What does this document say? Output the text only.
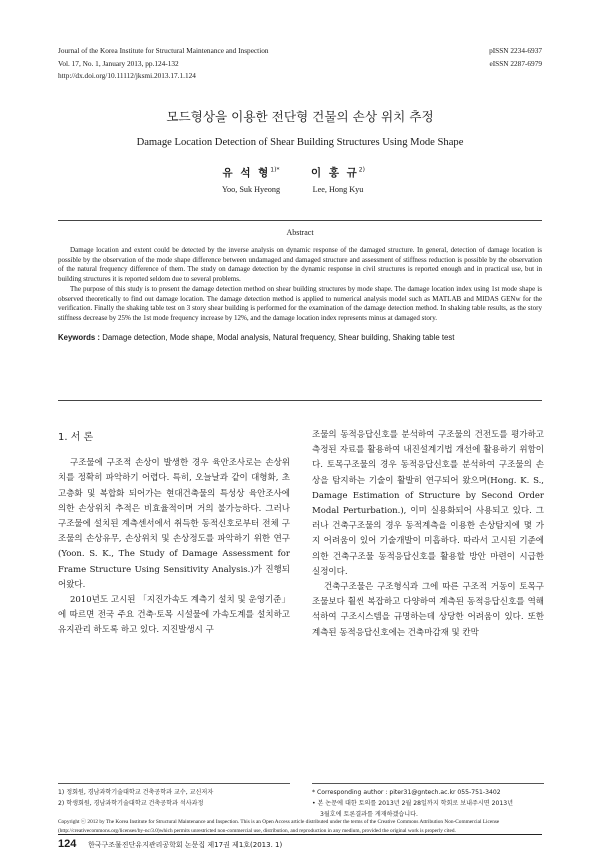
Journal of the Korea Institute for Structural Maintenance and Inspection
Vol. 17, No. 1, January 2013, pp.124-132
http://dx.doi.org/10.11112/jksmi.2013.17.1.124
pISSN 2234-6937
eISSN 2287-6979
모드형상을 이용한 전단형 건물의 손상 위치 추정
Damage Location Detection of Shear Building Structures Using Mode Shape
유 석 형$^{1)*}$
Yoo, Suk Hyeong
이 홍 규$^{2)}$
Lee, Hong Kyu
Abstract

Damage location and extent could be detected by the inverse analysis on dynamic response of the damaged structure. In general, detection of damage location is possible by the observation of the mode shape difference between undamaged and damaged structure and assessment of stiffness reduction is possible by the observation of the natural frequency difference of them. The study on damage detection by the dynamic response in civil structures is reported enough and in practical use, but in building structures it is reported seldom due to several problems.

The purpose of this study is to present the damage detection method on shear building structures by mode shape. The damage location index using 1st mode shape is observed theoretically to find out damage location. The damage detection method is applied to numerical analysis model such as MATLAB and MIDAS GENw for the verification. Finally the shaking table test on 3 story shear building is performed for the examination of the damage detection method. In shaking table results, as the story stiffness decrease by 25% the 1st mode frequency increase by 12%, and the damage location index represents minus at damaged story.

Keywords : Damage detection, Mode shape, Modal analysis, Natural frequency, Shear building, Shaking table test
1. 서 론

구조물에 구조적 손상이 발생한 경우 육안조사로는 손상위치를 정확히 파악하기 어렵다. 특히, 오늘날과 같이 대형화, 초고층화 및 복합화 되어가는 현대건축물의 특성상 육안조사에 의한 손상위치 추적은 비효율적이며 거의 불가능하다. 그러나 구조물에 설치된 계측센서에서 취득한 동적신호로부터 전체 구조물의 손상유무, 손상위치 및 손상정도를 파악하기 위한 연구(Yoon. S. K., The Study of Damage Assessment for Frame Structure Using Sensitivity Analysis.)가 진행되어왔다.

2010년도 고시된 「지진가속도 계측기 설치 및 운영기준」에 따르면 전국 주요 건축·토목 시설물에 가속도계를 설치하고 유지관리 하도록 하고 있다. 지진발생시 구

조물의 동적응답신호를 분석하여 구조물의 건전도를 평가하고 측정된 자료를 활용하여 내진설계기법 개선에 활용하기 위함이다. 토목구조물의 경우 동적응답신호를 분석하여 구조물의 손상을 탐지하는 기술이 활발히 연구되어 왔으며(Hong. K. S., Damage Estimation of Structure by Second Order Modal Perturbation.), 이미 실용화되어 사용되고 있다. 그러나 건축구조물의 경우 동적계측을 이용한 손상탐지에 몇 가지 어려움이 있어 기술개발이 미흡하다. 따라서 고시된 기준에 의한 건축구조물 동적응답신호를 활용할 방안 마련이 시급한 실정이다.

건축구조물은 구조형식과 그에 따른 구조적 거동이 토목구조물보다 훨씬 복잡하고 다양하여 계측된 동적응답신호를 역해석하여 구조시스템을 규명하는데 상당한 어려움이 있다. 또한 계측된 동적응답신호에는 건축마감재 및 칸막

1) 정회원, 경남과학기술대학교 건축공학과 교수, 교신저자
2) 학생회원, 경남과학기술대학교 건축공학과 석사과정
* Corresponding author : piter31@gntech.ac.kr 055-751-3402
• 본 논문에 대한 토의를 2013년 2월 28일까지 학회로 보내주시면 2013년
3월호에 토론결과를 게재하겠습니다.
Copyright ⓒ 2012 by The Korea Institute for Structural Maintenance and Inspection. This is an Open Access article distributed under the terms of the Creative Commons Attribution Non-Commercial License (http://creativecommons.org/licenses/by-nc/3.0)which permits unrestricted non-commercial use, distribution, and reproduction in any medium, provided the original work is properly cited.
124 한국구조물진단유지관리공학회 논문집 제17권 제1호(2013. 1)
